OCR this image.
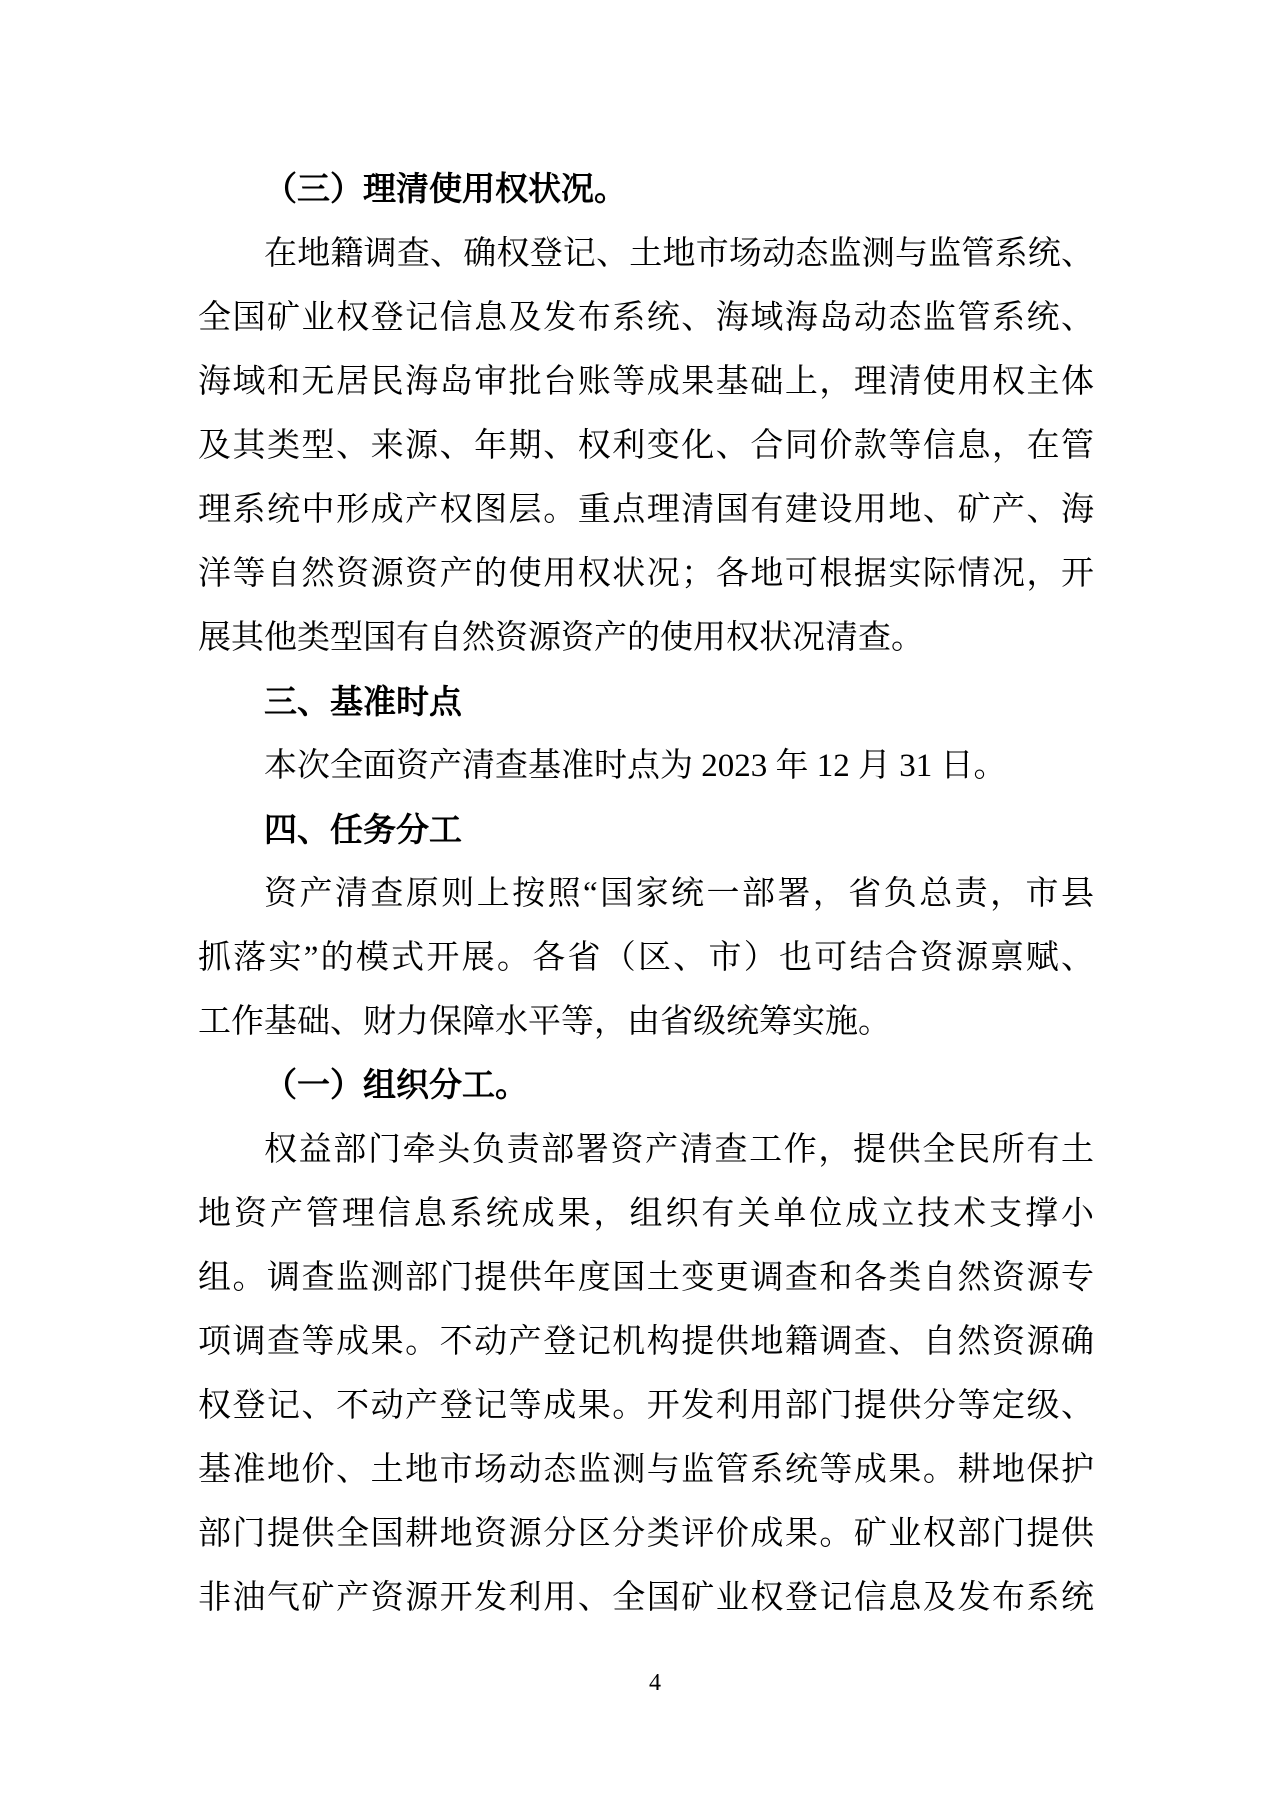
（三）理清使用权状况。
在地籍调查、确权登记、土地市场动态监测与监管系统、
全国矿业权登记信息及发布系统、海域海岛动态监管系统、
海域和无居民海岛审批台账等成果基础上，理清使用权主体
及其类型、来源、年期、权利变化、合同价款等信息，在管
理系统中形成产权图层。重点理清国有建设用地、矿产、海
洋等自然资源资产的使用权状况；各地可根据实际情况，开
展其他类型国有自然资源资产的使用权状况清查。
三、基准时点
本次全面资产清查基准时点为 2023 年 12 月 31 日。
四、任务分工
资产清查原则上按照“国家统一部署，省负总责，市县
抓落实”的模式开展。各省（区、市）也可结合资源禀赋、
工作基础、财力保障水平等，由省级统筹实施。
（一）组织分工。
权益部门牵头负责部署资产清查工作，提供全民所有土
地资产管理信息系统成果，组织有关单位成立技术支撑小
组。调查监测部门提供年度国土变更调查和各类自然资源专
项调查等成果。不动产登记机构提供地籍调查、自然资源确
权登记、不动产登记等成果。开发利用部门提供分等定级、
基准地价、土地市场动态监测与监管系统等成果。耕地保护
部门提供全国耕地资源分区分类评价成果。矿业权部门提供
非油气矿产资源开发利用、全国矿业权登记信息及发布系统
4
